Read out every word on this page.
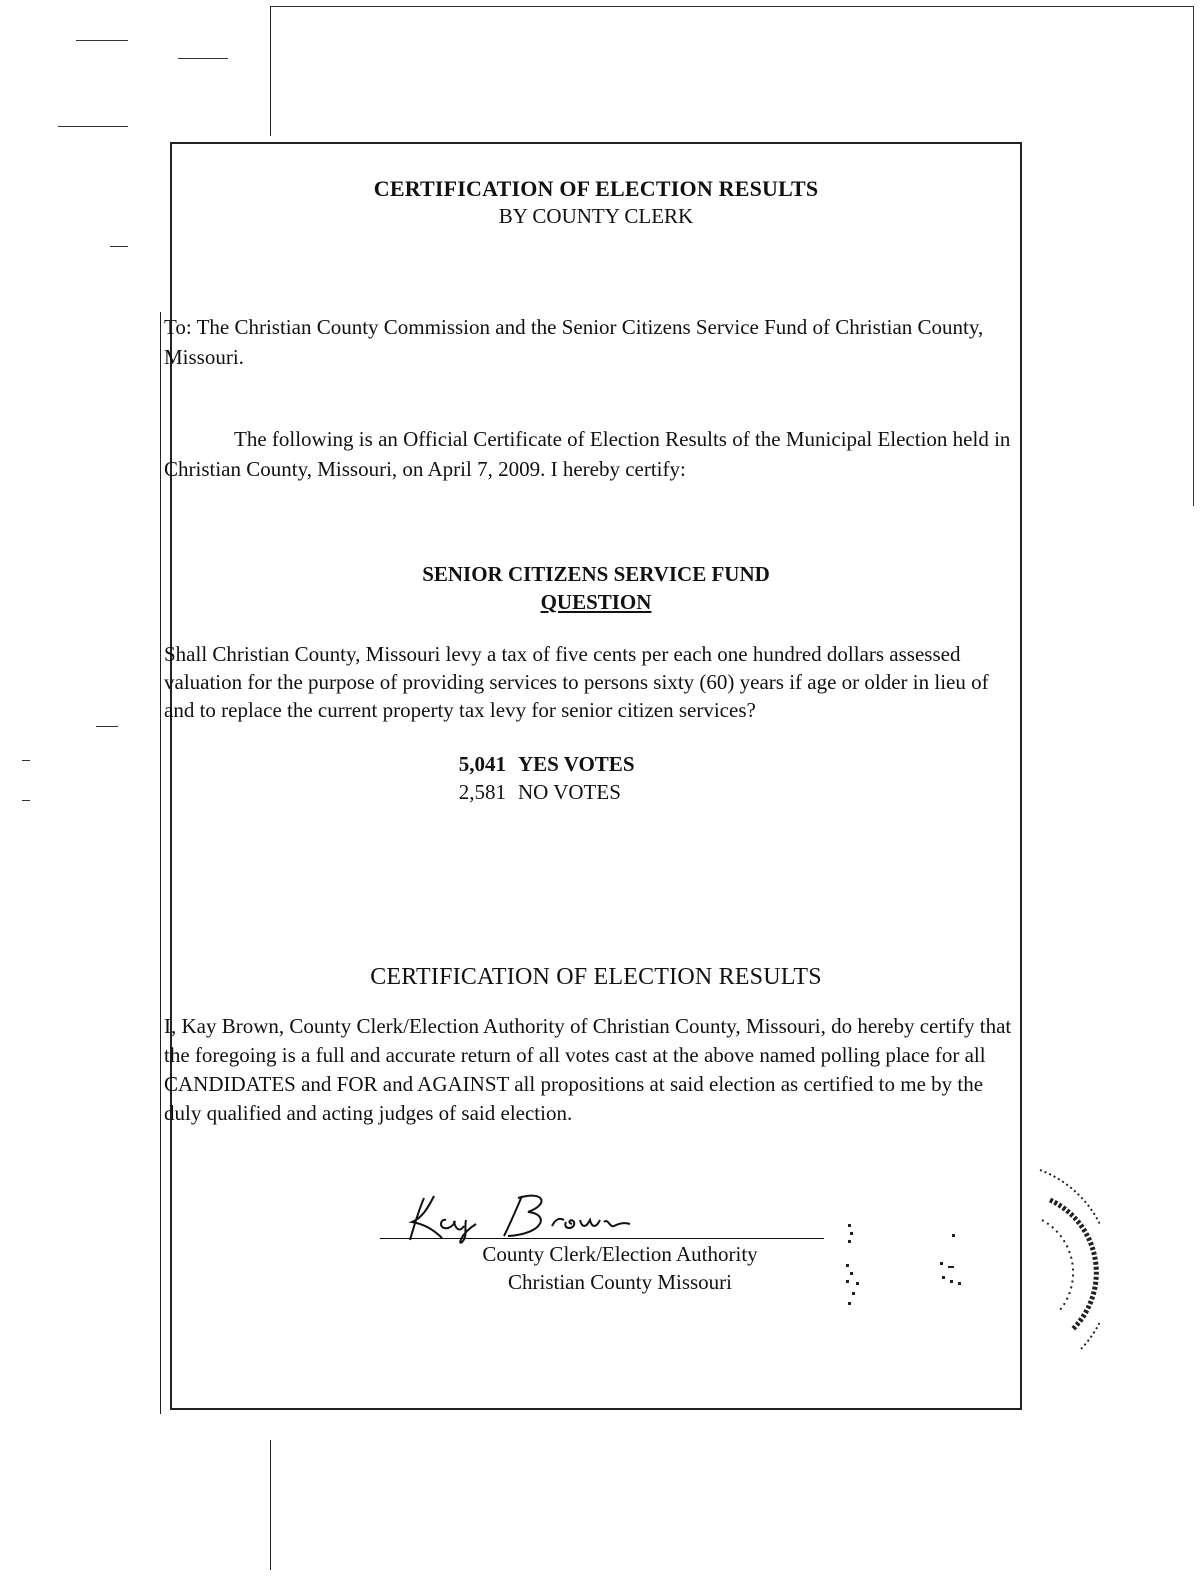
CERTIFICATION OF ELECTION RESULTS
BY COUNTY CLERK
To: The Christian County Commission and the Senior Citizens Service Fund of Christian County, Missouri.
The following is an Official Certificate of Election Results of the Municipal Election held in Christian County, Missouri, on April 7, 2009. I hereby certify:
SENIOR CITIZENS SERVICE FUND
QUESTION
Shall Christian County, Missouri levy a tax of five cents per each one hundred dollars assessed valuation for the purpose of providing services to persons sixty (60) years if age or older in lieu of and to replace the current property tax levy for senior citizen services?
5,041 YES VOTES
2,581 NO VOTES
CERTIFICATION OF ELECTION RESULTS
I, Kay Brown, County Clerk/Election Authority of Christian County, Missouri, do hereby certify that the foregoing is a full and accurate return of all votes cast at the above named polling place for all CANDIDATES and FOR and AGAINST all propositions at said election as certified to me by the duly qualified and acting judges of said election.
County Clerk/Election Authority
Christian County Missouri
